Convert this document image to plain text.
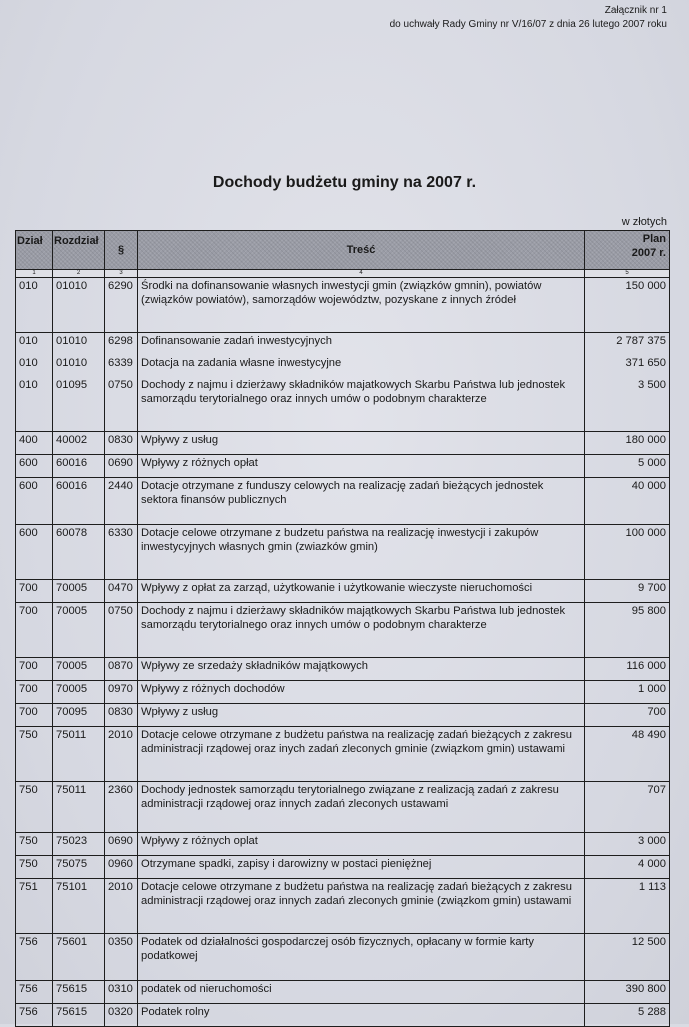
Załącznik nr 1
do uchwały Rady Gminy nr V/16/07 z dnia 26 lutego 2007 roku
Dochody budżetu gminy na 2007 r.
w złotych
Dział	Rozdział	§	Treść	Plan
2007 r.

1	2	3	4	5
010	01010	6290	Środki na dofinansowanie własnych inwestycji gmin (związków gmnin), powiatów (związków powiatów), samorządów województw, pozyskane z innych źródeł	150 000
010	01010	6298	Dofinansowanie zadań inwestycyjnych	2 787 375
010	01010	6339	Dotacja na zadania własne inwestycyjne	371 650
010	01095	0750	Dochody z najmu i dzierżawy składników majatkowych Skarbu Państwa lub jednostek samorządu terytorialnego oraz innych umów o podobnym charakterze	3 500
400	40002	0830	Wpływy z usług	180 000
600	60016	0690	Wpływy z różnych opłat	5 000
600	60016	2440	Dotacje otrzymane z funduszy celowych na realizację zadań bieżących jednostek sektora finansów publicznych	40 000
600	60078	6330	Dotacje celowe otrzymane z budzetu państwa na realizację inwestycji i zakupów inwestycyjnych własnych gmin (zwiazków gmin)	100 000
700	70005	0470	Wpływy z opłat za zarząd, użytkowanie i użytkowanie wieczyste nieruchomości	9 700
700	70005	0750	Dochody z najmu i dzierżawy składników majątkowych Skarbu Państwa lub jednostek samorządu terytorialnego oraz innych umów o podobnym charakterze	95 800
700	70005	0870	Wpływy ze srzedaży składników majątkowych	116 000
700	70005	0970	Wpływy z różnych dochodów	1 000
700	70095	0830	Wpływy z usług	700
750	75011	2010	Dotacje celowe otrzymane z budżetu państwa na realizację zadań bieżących z zakresu administracji rządowej oraz inych zadań zleconych gminie (związkom gmin) ustawami	48 490
750	75011	2360	Dochody jednostek samorządu terytorialnego związane z realizacją zadań z zakresu administracji rządowej oraz innych zadań zleconych ustawami	707
750	75023	0690	Wpływy z różnych oplat	3 000
750	75075	0960	Otrzymane spadki, zapisy i darowizny w postaci pieniężnej	4 000
751	75101	2010	Dotacje celowe otrzymane z budżetu państwa na realizację zadań bieżących z zakresu administracji rządowej oraz innych zadań zleconych gminie (związkom gmin) ustawami	1 113
756	75601	0350	Podatek od działalności gospodarczej osób fizycznych, opłacany w formie karty podatkowej	12 500
756	75615	0310	podatek od nieruchomości	390 800
756	75615	0320	Podatek rolny	5 288
